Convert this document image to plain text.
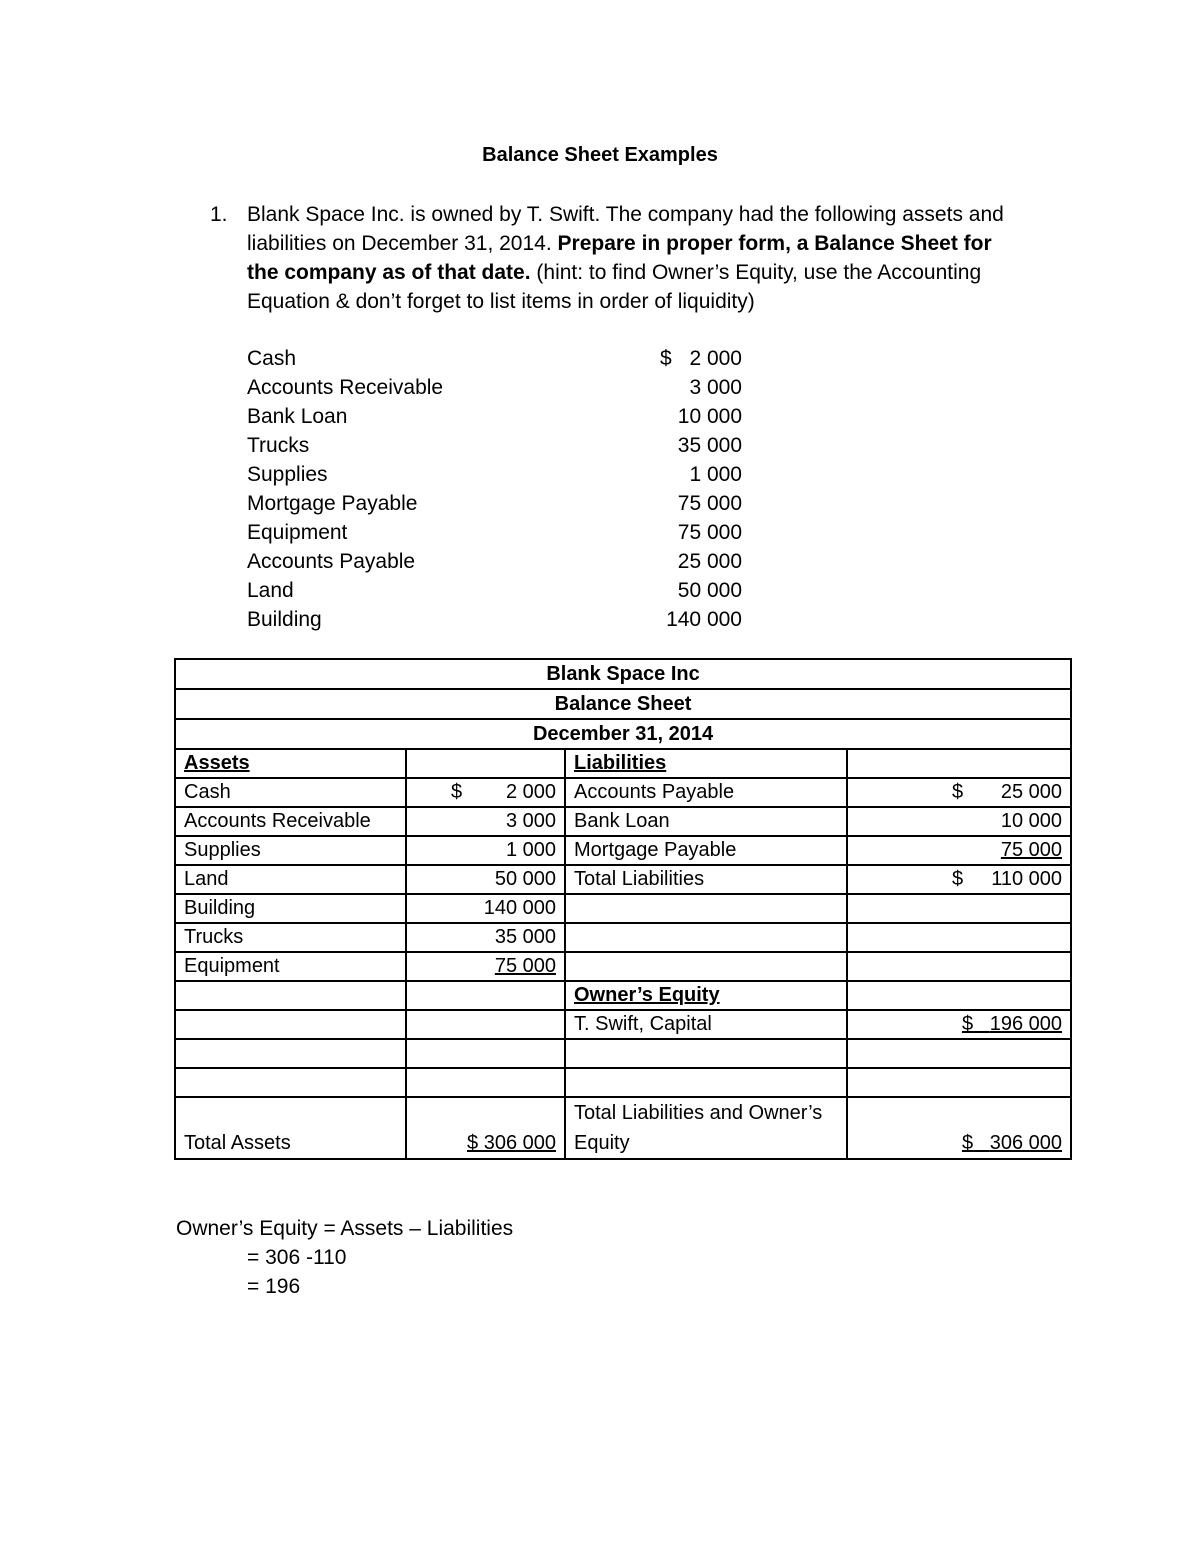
Balance Sheet Examples
1. Blank Space Inc. is owned by T. Swift. The company had the following assets and liabilities on December 31, 2014. Prepare in proper form, a Balance Sheet for the company as of that date. (hint: to find Owner’s Equity, use the Accounting Equation & don’t forget to list items in order of liquidity)
Cash	$ 2 000
Accounts Receivable	3 000
Bank Loan	10 000
Trucks	35 000
Supplies	1 000
Mortgage Payable	75 000
Equipment	75 000
Accounts Payable	25 000
Land	50 000
Building	140 000
Blank Space Inc			
Balance Sheet			
December 31, 2014			
Assets		Liabilities	
Cash	$ 2 000	Accounts Payable	$ 25 000
Accounts Receivable	3 000	Bank Loan	10 000
Supplies	1 000	Mortgage Payable	75 000
Land	50 000	Total Liabilities	$ 110 000
Building	140 000		
Trucks	35 000		
Equipment	75 000		
		Owner’s Equity	
		T. Swift, Capital	$ 196 000

Total Assets	$ 306 000	Total Liabilities and Owner’s Equity	$ 306 000
Owner’s Equity = Assets – Liabilities
= 306 -110
= 196
